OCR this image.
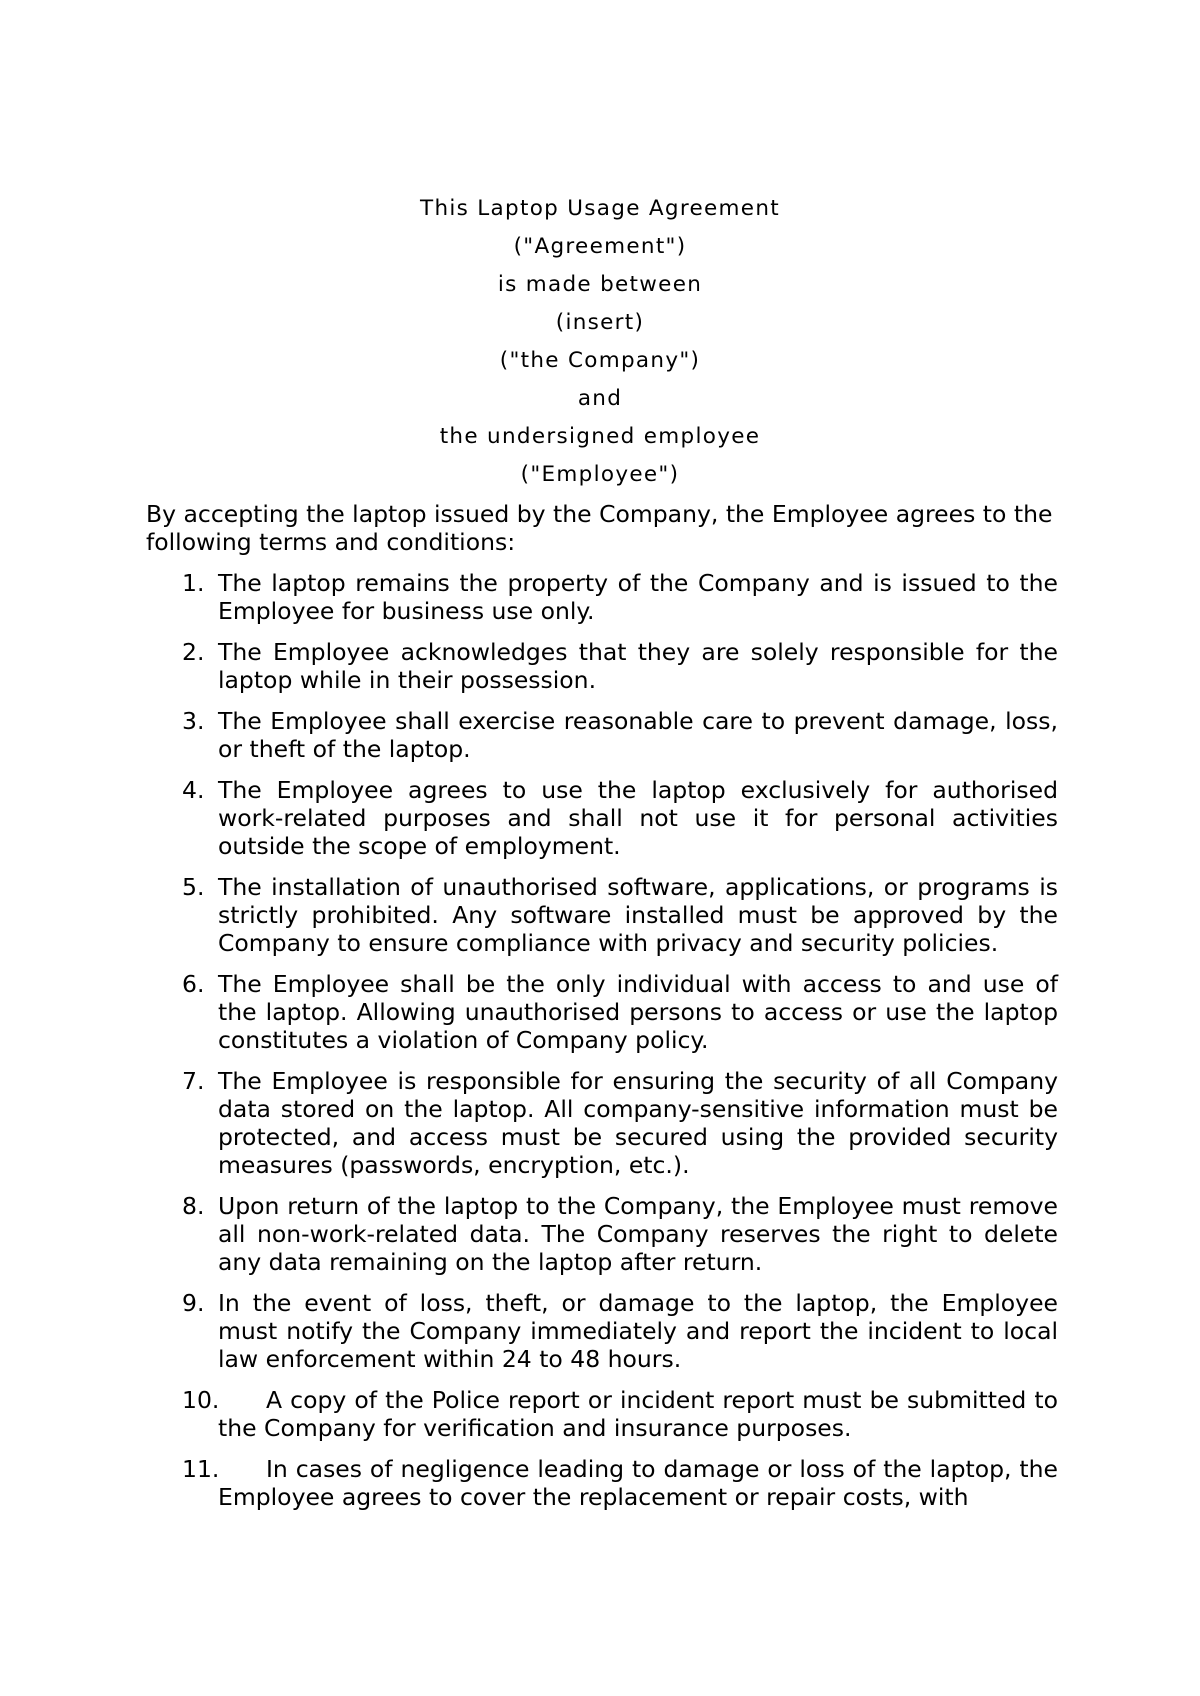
This Laptop Usage Agreement
("Agreement")
is made between
(insert)
("the Company")
and
the undersigned employee
("Employee")

By accepting the laptop issued by the Company, the Employee agrees to the following terms and conditions:

1. The laptop remains the property of the Company and is issued to the Employee for business use only.
2. The Employee acknowledges that they are solely responsible for the laptop while in their possession.
3. The Employee shall exercise reasonable care to prevent damage, loss, or theft of the laptop.
4. The Employee agrees to use the laptop exclusively for authorised work-related purposes and shall not use it for personal activities outside the scope of employment.
5. The installation of unauthorised software, applications, or programs is strictly prohibited. Any software installed must be approved by the Company to ensure compliance with privacy and security policies.
6. The Employee shall be the only individual with access to and use of the laptop. Allowing unauthorised persons to access or use the laptop constitutes a violation of Company policy.
7. The Employee is responsible for ensuring the security of all Company data stored on the laptop. All company-sensitive information must be protected, and access must be secured using the provided security measures (passwords, encryption, etc.).
8. Upon return of the laptop to the Company, the Employee must remove all non-work-related data. The Company reserves the right to delete any data remaining on the laptop after return.
9. In the event of loss, theft, or damage to the laptop, the Employee must notify the Company immediately and report the incident to local law enforcement within 24 to 48 hours.
10.	A copy of the Police report or incident report must be submitted to the Company for verification and insurance purposes.
11.	In cases of negligence leading to damage or loss of the laptop, the Employee agrees to cover the replacement or repair costs, with
